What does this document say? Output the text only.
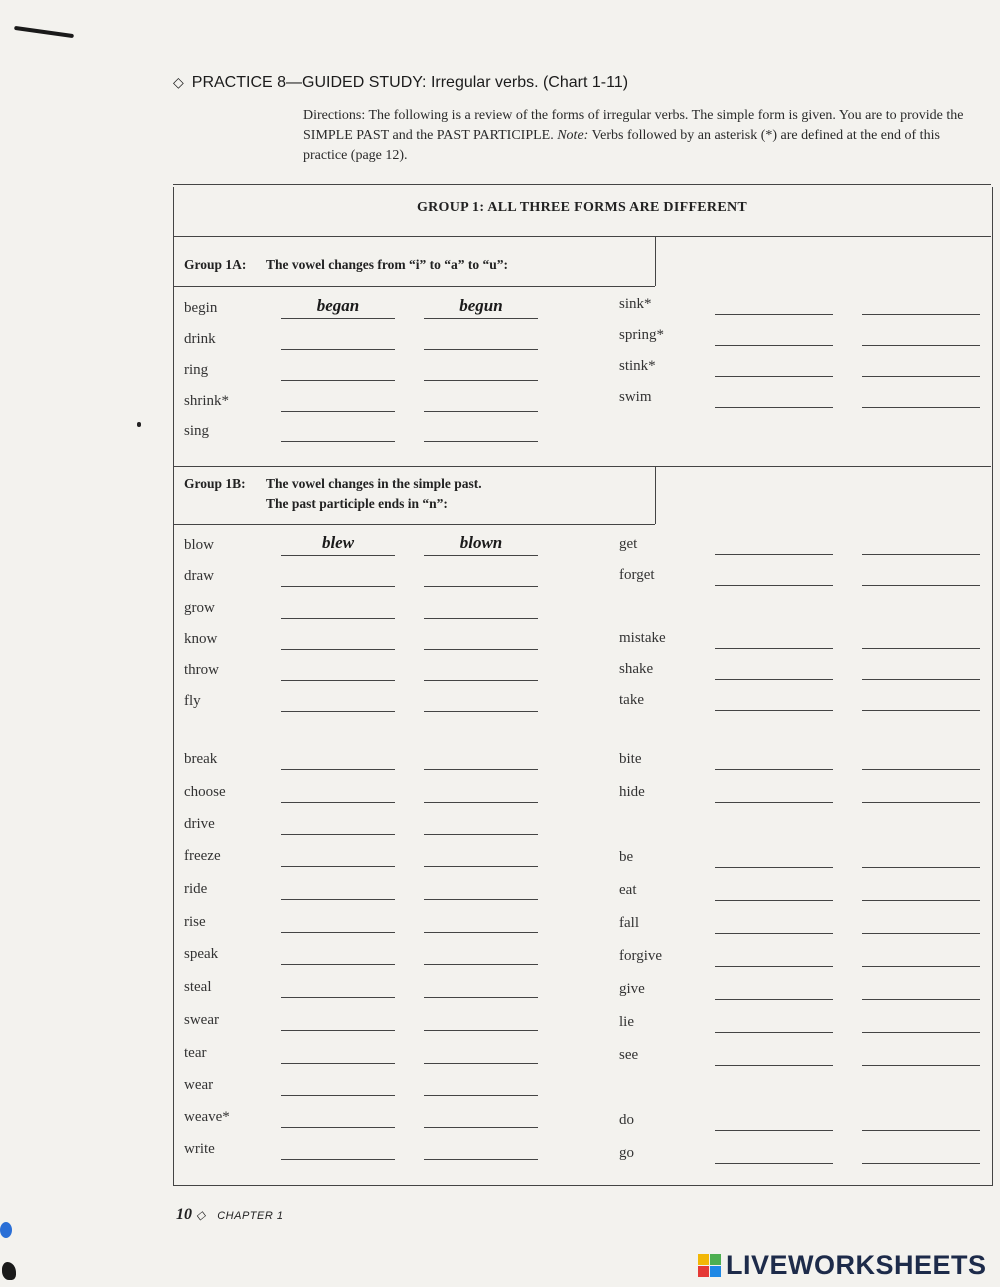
◇ PRACTICE 8—GUIDED STUDY: Irregular verbs. (Chart 1-11)
Directions: The following is a review of the forms of irregular verbs. The simple form is given. You are to provide the SIMPLE PAST and the PAST PARTICIPLE. Note: Verbs followed by an asterisk (*) are defined at the end of this practice (page 12).
GROUP 1: ALL THREE FORMS ARE DIFFERENT
Group 1A: The vowel changes from “i” to “a” to “u”:
Group 1B: The vowel changes in the simple past.
The past participle ends in “n”:
10 ◇ CHAPTER 1
LIVEWORKSHEETS
begin	began	begun
drink
ring
shrink*
sing
sink*
spring*
stink*
swim
blow	blew	blown
draw
grow
know
throw
fly
break
choose
drive
freeze
ride
rise
speak
steal
swear
tear
wear
weave*
write
get
forget
mistake
shake
take
bite
hide
be
eat
fall
forgive
give
lie
see
do
go
